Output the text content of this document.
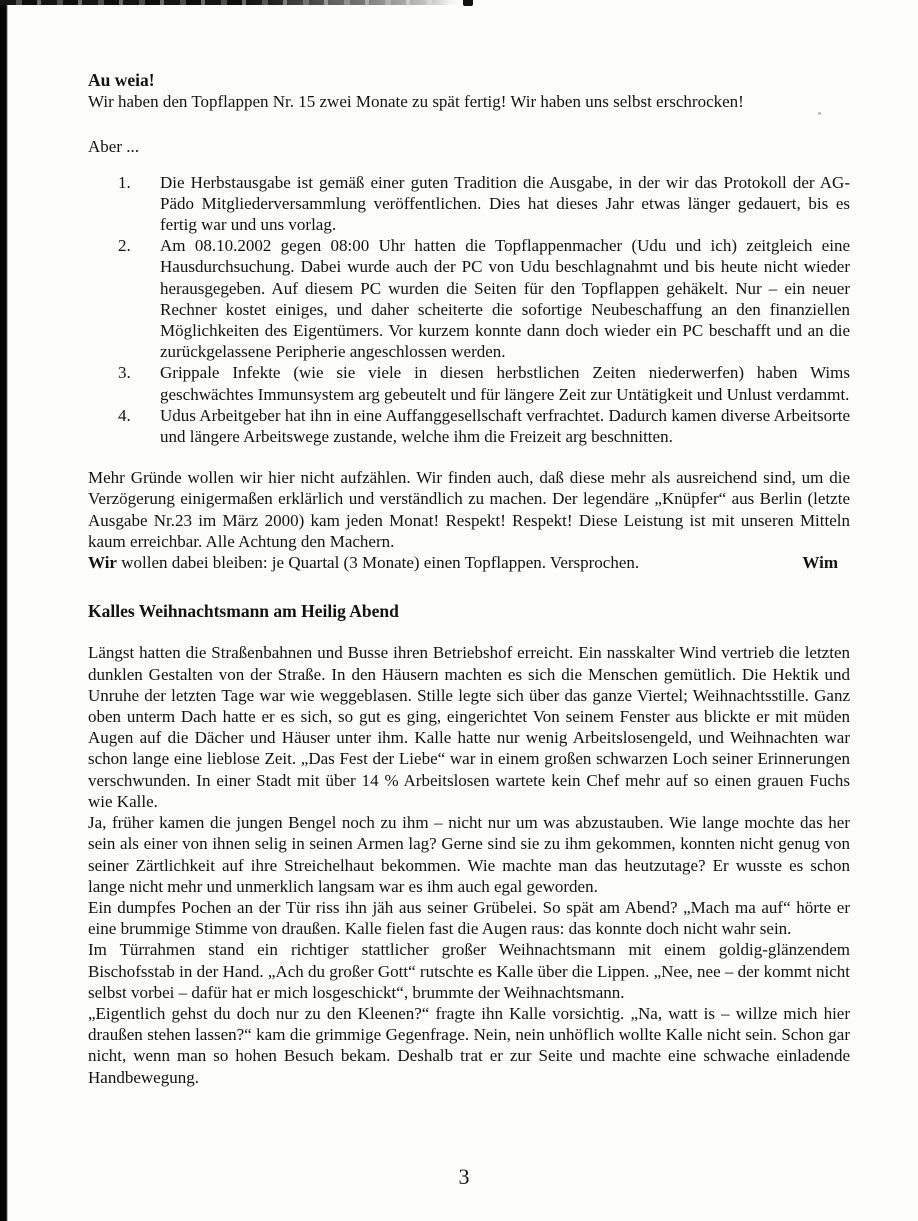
Au weia!

Wir haben den Topflappen Nr. 15 zwei Monate zu spät fertig! Wir haben uns selbst erschrocken!

Aber ...

1. Die Herbstausgabe ist gemäß einer guten Tradition die Ausgabe, in der wir das Protokoll der AG-Pädo Mitgliederversammlung veröffentlichen. Dies hat dieses Jahr etwas länger gedauert, bis es fertig war und uns vorlag.
2. Am 08.10.2002 gegen 08:00 Uhr hatten die Topflappenmacher (Udu und ich) zeitgleich eine Hausdurchsuchung. Dabei wurde auch der PC von Udu beschlagnahmt und bis heute nicht wieder herausgegeben. Auf diesem PC wurden die Seiten für den Topflappen gehäkelt. Nur – ein neuer Rechner kostet einiges, und daher scheiterte die sofortige Neubeschaffung an den finanziellen Möglichkeiten des Eigentümers. Vor kurzem konnte dann doch wieder ein PC beschafft und an die zurückgelassene Peripherie angeschlossen werden.
3. Grippale Infekte (wie sie viele in diesen herbstlichen Zeiten niederwerfen) haben Wims geschwächtes Immunsystem arg gebeutelt und für längere Zeit zur Untätigkeit und Unlust verdammt.
4. Udus Arbeitgeber hat ihn in eine Auffanggesellschaft verfrachtet. Dadurch kamen diverse Arbeitsorte und längere Arbeitswege zustande, welche ihm die Freizeit arg beschnitten.

Mehr Gründe wollen wir hier nicht aufzählen. Wir finden auch, daß diese mehr als ausreichend sind, um die Verzögerung einigermaßen erklärlich und verständlich zu machen. Der legendäre „Knüpfer“ aus Berlin (letzte Ausgabe Nr.23 im März 2000) kam jeden Monat! Respekt! Respekt! Diese Leistung ist mit unseren Mitteln kaum erreichbar. Alle Achtung den Machern.

Wir wollen dabei bleiben: je Quartal (3 Monate) einen Topflappen. Versprochen.	Wim

Kalles Weihnachtsmann am Heilig Abend

Längst hatten die Straßenbahnen und Busse ihren Betriebshof erreicht. Ein nasskalter Wind vertrieb die letzten dunklen Gestalten von der Straße. In den Häusern machten es sich die Menschen gemütlich. Die Hektik und Unruhe der letzten Tage war wie weggeblasen. Stille legte sich über das ganze Viertel; Weihnachtsstille. Ganz oben unterm Dach hatte er es sich, so gut es ging, eingerichtet Von seinem Fenster aus blickte er mit müden Augen auf die Dächer und Häuser unter ihm. Kalle hatte nur wenig Arbeitslosengeld, und Weihnachten war schon lange eine lieblose Zeit. „Das Fest der Liebe“ war in einem großen schwarzen Loch seiner Erinnerungen verschwunden. In einer Stadt mit über 14 % Arbeitslosen wartete kein Chef mehr auf so einen grauen Fuchs wie Kalle.

Ja, früher kamen die jungen Bengel noch zu ihm – nicht nur um was abzustauben. Wie lange mochte das her sein als einer von ihnen selig in seinen Armen lag? Gerne sind sie zu ihm gekommen, konnten nicht genug von seiner Zärtlichkeit auf ihre Streichelhaut bekommen. Wie machte man das heutzutage? Er wusste es schon lange nicht mehr und unmerklich langsam war es ihm auch egal geworden.

Ein dumpfes Pochen an der Tür riss ihn jäh aus seiner Grübelei. So spät am Abend? „Mach ma auf“ hörte er eine brummige Stimme von draußen. Kalle fielen fast die Augen raus: das konnte doch nicht wahr sein.

Im Türrahmen stand ein richtiger stattlicher großer Weihnachtsmann mit einem goldig-glänzendem Bischofsstab in der Hand. „Ach du großer Gott“ rutschte es Kalle über die Lippen. „Nee, nee – der kommt nicht selbst vorbei – dafür hat er mich losgeschickt“, brummte der Weihnachtsmann.

„Eigentlich gehst du doch nur zu den Kleenen?“ fragte ihn Kalle vorsichtig. „Na, watt is – willze mich hier draußen stehen lassen?“ kam die grimmige Gegenfrage. Nein, nein unhöflich wollte Kalle nicht sein. Schon gar nicht, wenn man so hohen Besuch bekam. Deshalb trat er zur Seite und machte eine schwache einladende Handbewegung.

3
